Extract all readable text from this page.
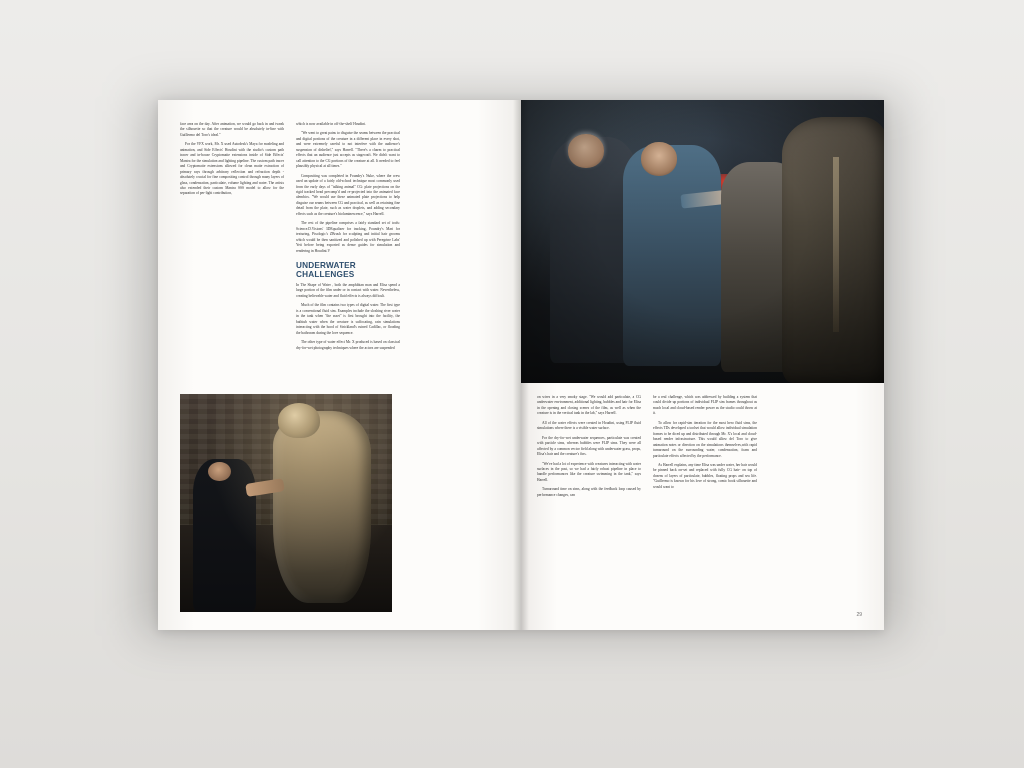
face area on the day. After animation, we would go back in and tweak the silhouette so that the creature would be absolutely in-line with Guillermo del Toro's ideal."

For the VFX work, Mr. X used Autodesk's Maya for modeling and animation, and Side Effects' Houdini with the studio's custom path tracer and in-house Cryptomatte extensions inside of Side Effects' Mantra for the simulation and lighting pipeline. The custom path tracer and Cryptomatte extensions allowed for clean matte extraction of primary rays through arbitrary reflection and refraction depth - absolutely crucial for fine compositing control through many layers of glass, condensation, particulate, volume lighting and water. The artists also extended their custom Mantra SSS model to allow for the separation of per-light contribution,

which is now available in off-the-shelf Houdini.

"We went to great pains to disguise the seams between the practical and digital portions of the creature in a different place in every shot, and were extremely careful to not interfere with the audience's suspension of disbelief," says Harrell. "There's a charm to practical effects that an audience just accepts as stagecraft. We didn't want to call attention to the CG portions of the creature at all. It needed to feel plausibly physical at all times."

Compositing was completed in Foundry's Nuke, where the crew used an update of a fairly old-school technique most commonly used from the early days of "talking animal" CG: plate projections on the rigid tracked head precomp'd and re-projected into the animated face alembics. "We would use these animated plate projections to help disguise our seams between CG and practical, as well as retaining fine detail from the plate, such as water droplets, and adding secondary effects such as the creature's bioluminescence," says Harrell.

The rest of the pipeline comprises a fairly standard set of tools: Science.D.Visions' 3DEqualizer for tracking, Foundry's Mari for texturing, Pixologic's ZBrush for sculpting and initial hair grooms which would be then sanitized and polished up with Peregrine Labs' Yeti before being exported as dense guides for simulation and rendering in Houdini.V

UNDERWATER CHALLENGES

In The Shape of Water , both the amphibian man and Elisa spend a large portion of the film under or in contact with water. Nevertheless, creating believable water and fluid effects is always difficult.

Much of the film contains two types of digital water. The first type is a conventional fluid sim. Examples include the sloshing river water in the tank when "the asset" is first brought into the facility, the bathtub water when the creature is suffocating, rain simulations interacting with the hood of Strickland's ruined Cadillac, or flooding the bathroom during the love sequence.

The other type of water effect Mr. X produced is based on classical dry-for-wet photography techniques where the actors are suspended

on wires in a very smoky stage. "We would add particulate, a CG underwater environment, additional lighting, bubbles and hair for Elisa in the opening and closing scenes of the film, as well as when the creature is in the vertical tank in the lab," says Harrell.

All of the water effects were created in Houdini, using FLIP fluid simulations where there is a visible water surface.

For the dry-for-wet underwater sequences, particulate was created with particle sims, whereas bubbles were FLIP sims. They were all affected by a common vector field along with underwater grass, props, Elisa's hair and the creature's fins.

"We've had a lot of experience with creatures interacting with water surfaces in the past, so we had a fairly robust pipeline in place to handle performances like the creature swimming in the tank," says Harrell.

Turnaround time on sims, along with the feedback loop caused by performance changes, can

be a real challenge, which was addressed by building a system that could divide up portions of individual FLIP sim frames throughout as much local and cloud-based render power as the studio could throw at it.

To allow for rapid-sim iteration for the most hero fluid sims, the effects TDs developed a toolset that would allow individual simulation frames to be diced up and distributed through Mr. X's local and cloud-based render infrastructure. This would allow del Toro to give animation notes or direction on the simulations themselves,with rapid turnaround on the surrounding water, condensation, foam and particulate effects affected by the performance.

As Harrell explains, any time Elisa was under water, her hair would be pinned back on-set and replaced with fully CG hair- on top of dozens of layers of particulate, bubbles, floating props and sea life. "Guillermo is known for his love of strong, comic book silhouette and would want to

29
